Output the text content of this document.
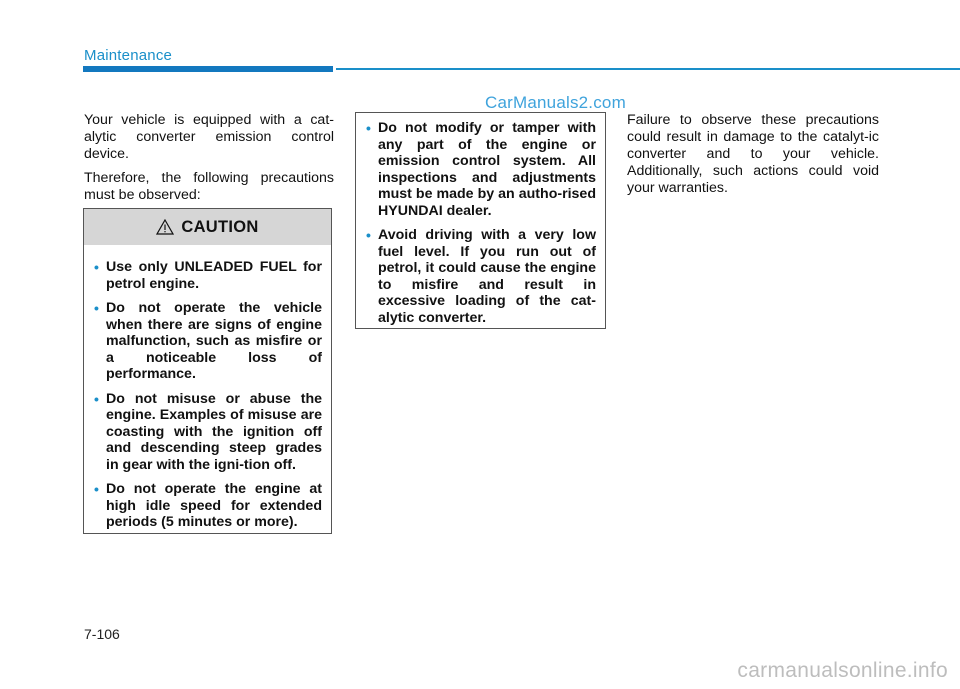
Maintenance
CarManuals2.com

Your vehicle is equipped with a cat-alytic converter emission control device.

Therefore, the following precautions must be observed:

CAUTION
• Use only UNLEADED FUEL for petrol engine.
• Do not operate the vehicle when there are signs of engine malfunction, such as misfire or a noticeable loss of performance.
• Do not misuse or abuse the engine. Examples of misuse are coasting with the ignition off and descending steep grades in gear with the igni-tion off.
• Do not operate the engine at high idle speed for extended periods (5 minutes or more).
• Do not modify or tamper with any part of the engine or emission control system. All inspections and adjustments must be made by an autho-rised HYUNDAI dealer.
• Avoid driving with a very low fuel level. If you run out of petrol, it could cause the engine to misfire and result in excessive loading of the cat-alytic converter.

Failure to observe these precautions could result in damage to the catalyt-ic converter and to your vehicle. Additionally, such actions could void your warranties.

7-106
carmanualsonline.info
